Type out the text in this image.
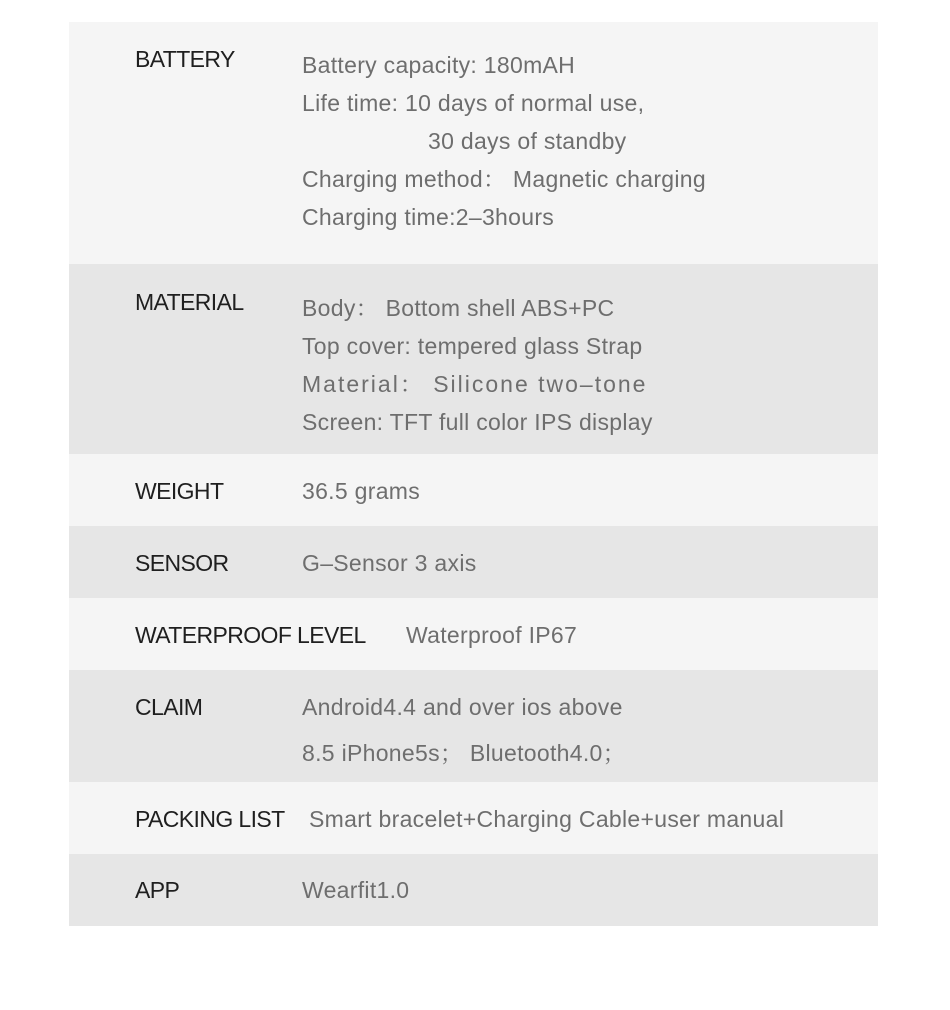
BATTERY	Battery capacity: 180mAH
Life time: 10 days of normal use,
30 days of standby
Charging method： Magnetic charging
Charging time:2–3hours
MATERIAL	Body： Bottom shell ABS+PC
Top cover: tempered glass Strap
Material： Silicone two–tone
Screen: TFT full color IPS display
WEIGHT	36.5 grams
SENSOR	G–Sensor 3 axis
WATERPROOF LEVEL Waterproof IP67
CLAIM	Android4.4 and over ios above
8.5 iPhone5s； Bluetooth4.0；
PACKING LIST Smart bracelet+Charging Cable+user manual
APP	Wearfit1.0
